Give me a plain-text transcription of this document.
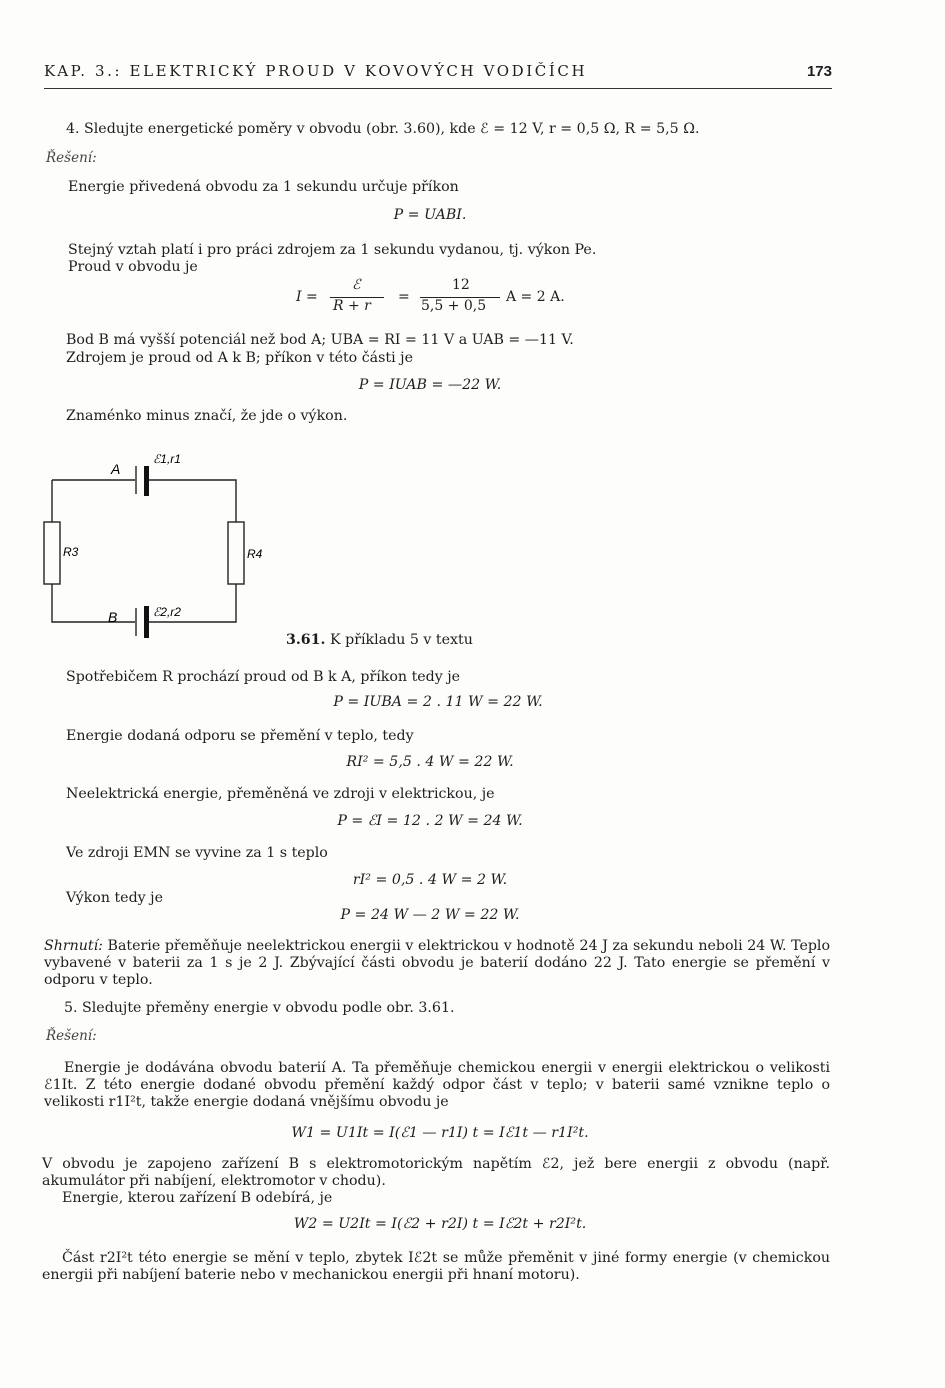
KAP. 3.: ELEKTRICKÝ PROUD V KOVOVÝCH VODIČÍCH	173
4. Sledujte energetické poměry v obvodu (obr. 3.60), kde ℰ = 12 V, r = 0,5 Ω, R = 5,5 Ω.
Řešení:
Energie přivedená obvodu za 1 sekundu určuje příkon
P = UABI.
Stejný vztah platí i pro práci zdrojem za 1 sekundu vydanou, tj. výkon Pe.
Proud v obvodu je
I =
ℰ
R + r
=
12
5,5 + 0,5
A = 2 A.
Bod B má vyšší potenciál než bod A; UBA = RI = 11 V a UAB = —11 V.
Zdrojem je proud od A k B; příkon v této části je
P = IUAB = —22 W.
Znaménko minus značí, že jde o výkon.
A
ℰ1,r1
R3	R4
B	ℰ2,r2
3.61. K příkladu 5 v textu
Spotřebičem R prochází proud od B k A, příkon tedy je
P = IUBA = 2 . 11 W = 22 W.
Energie dodaná odporu se přemění v teplo, tedy
RI² = 5,5 . 4 W = 22 W.
Neelektrická energie, přeměněná ve zdroji v elektrickou, je
P = ℰI = 12 . 2 W = 24 W.
Ve zdroji EMN se vyvine za 1 s teplo
rI² = 0,5 . 4 W = 2 W.
Výkon tedy je
P = 24 W — 2 W = 22 W.
Shrnutí: Baterie přeměňuje neelektrickou energii v elektrickou v hodnotě 24 J za sekundu neboli 24 W. Teplo vybavené v baterii za 1 s je 2 J. Zbývající části obvodu je baterií dodáno 22 J. Tato energie se přemění v odporu v teplo.
5. Sledujte přeměny energie v obvodu podle obr. 3.61.
Řešení:
Energie je dodávána obvodu baterií A. Ta přeměňuje chemickou energii v energii elektrickou o velikosti ℰ1It. Z této energie dodané obvodu přemění každý odpor část v teplo; v baterii samé vznikne teplo o velikosti r1I²t, takže energie dodaná vnějšímu obvodu je
W1 = U1It = I(ℰ1 — r1I) t = Iℰ1t — r1I²t.
V obvodu je zapojeno zařízení B s elektromotorickým napětím ℰ2, jež bere energii z obvodu (např. akumulátor při nabíjení, elektromotor v chodu).
Energie, kterou zařízení B odebírá, je
W2 = U2It = I(ℰ2 + r2I) t = Iℰ2t + r2I²t.
Část r2I²t této energie se mění v teplo, zbytek Iℰ2t se může přeměnit v jiné formy energie (v chemickou energii při nabíjení baterie nebo v mechanickou energii při hnaní motoru).
